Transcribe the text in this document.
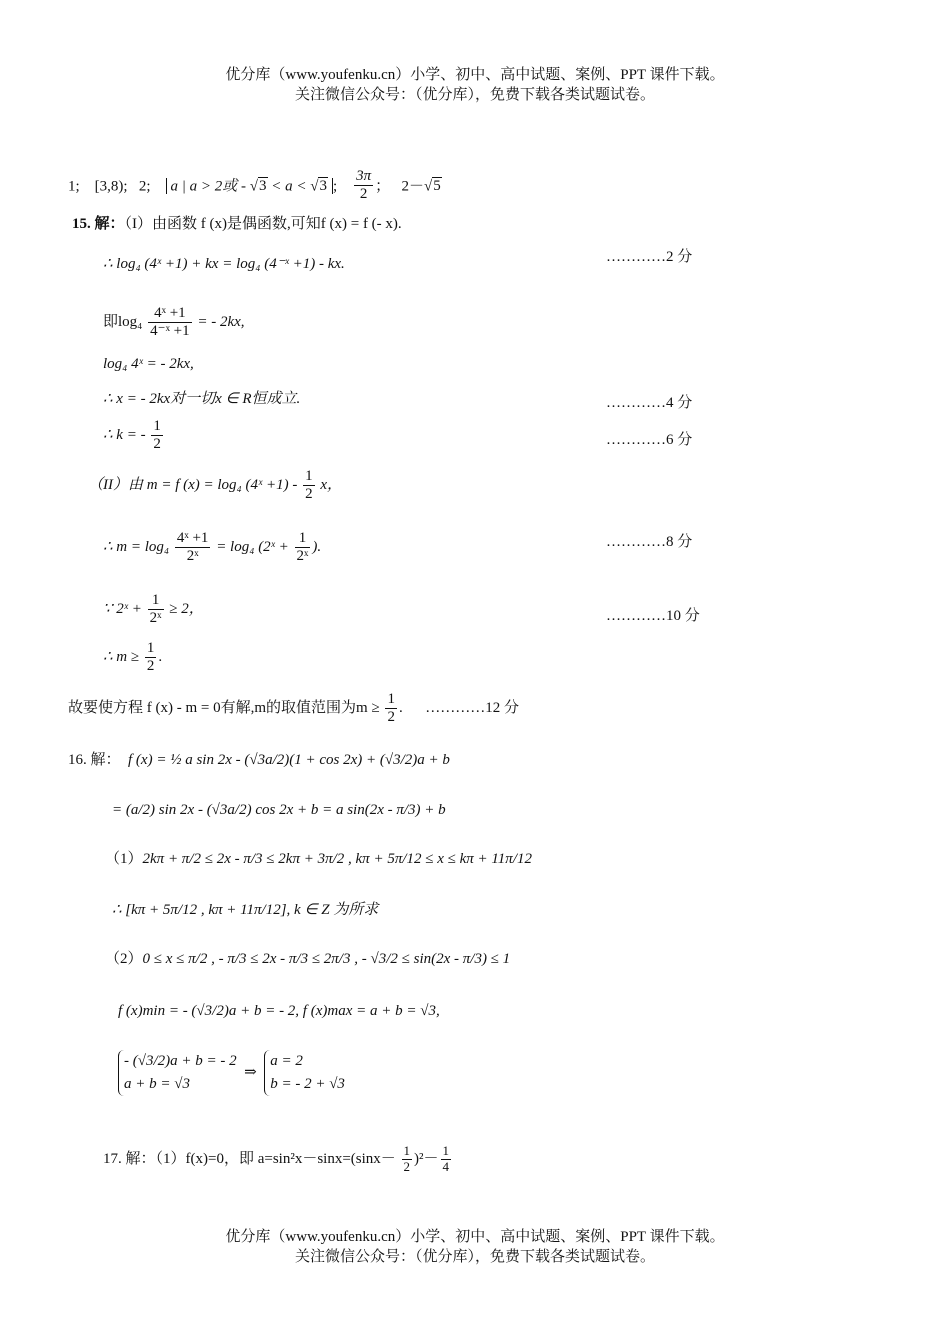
优分库（www.youfenku.cn）小学、初中、高中试题、案例、PPT 课件下载。
关注微信公众号：（优分库），免费下载各类试题试卷。
1; [3,8);   2; a | a > 2或 - √3 < a < √3 ; $\frac{3\pi}{2}$ ；   2－√5
15. 解：（I）由函数 f (x)是偶函数,可知f (x) = f (- x).
∴ log₄ (4ˣ +1) + kx = log₄ (4⁻ˣ +1) - kx.	…………2 分
即$\log_4 \frac{\text{4ˣ +1}}{\text{4⁻ˣ +1}}$ = - 2kx,
log₄ 4ˣ = - 2kx,
∴ x = - 2kx对一切x ∈ R恒成立.	…………4 分
∴ k = - $\frac{1}{2}$	…………6 分
（II）由 m = f (x) = log₄ (4ˣ $+1) - \frac{1}{2}$ x，
∴ $m = \log_4 \frac{\text{4ˣ +1}}{\text{2ˣ}} = \log_4$ (2ˣ + $\frac{1}{\text{2ˣ}}$ ).	…………8 分
∵ 2ˣ + $\frac{1}{\text{2ˣ}} \ge 2$，	…………10 分
∴ $m \ge \frac{1}{2}$ .
故要使方程 f (x) - m = 0有解,m的取值范围为$m \ge \frac{1}{2}$ . …………12 分
16. 解： f (x) = ½ a sin 2x - (√3a/2)(1 + cos 2x) + (√3/2)a + b
= (a/2) sin 2x - (√3a/2) cos 2x + b = a sin(2x - π/3) + b
（1）2kπ + π/2 ≤ 2x - π/3 ≤ 2kπ + 3π/2 , kπ + 5π/12 ≤ x ≤ kπ + 11π/12
∴ [kπ + 5π/12 , kπ + 11π/12], k ∈ Z 为所求
（2）0 ≤ x ≤ π/2 , - π/3 ≤ 2x - π/3 ≤ 2π/3 , - √3/2 ≤ sin(2x - π/3) ≤ 1
f (x)min = - (√3/2)a + b = - 2, f (x)max = a + b = √3,
- (√3/2)a + b = - 2
a + b = √3
⇒
a = 2
b = - 2 + √3
17. 解：（1）f(x)=0，即 $a=\sin^2x-\sin x=(\sin x- \frac{1}{2} )^2- \frac{1}{4}$
优分库（www.youfenku.cn）小学、初中、高中试题、案例、PPT 课件下载。
关注微信公众号：（优分库），免费下载各类试题试卷。
